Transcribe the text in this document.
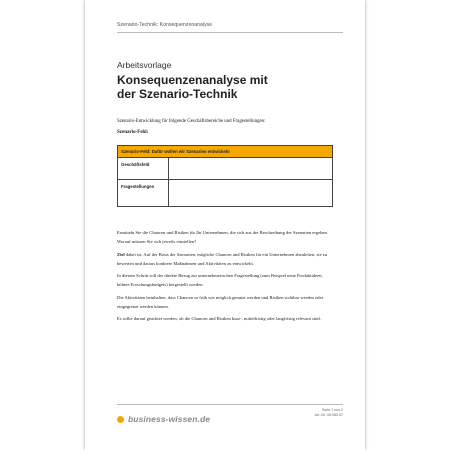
Szenario-Technik: Konsequenzenanalyse
Arbeitsvorlage
Konsequenzenanalyse mit
der Szenario-Technik
Szenario-Entwicklung für folgende Geschäftsbereiche und Fragestellungen:
Szenario-Feld:
Szenario-Feld: Dafür wollen wir Szenarien entwickeln	
Geschäftsfeld	
Fragestellungen	

Ermitteln Sie die Chancen und Risiken für Ihr Unternehmen, die sich aus der Beschreibung der Szenarien ergeben. Worauf müssen Sie sich jeweils einstellen?

Ziel dabei ist: Auf der Basis der Szenarien, mögliche Chancen und Risiken für ein Unternehmen abzuleiten, sie zu bewerten und daraus konkrete Maßnahmen und Aktivitäten zu entwickeln.

In diesem Schritt soll der direkte Bezug zur unternehmerischen Fragestellung (zum Beispiel neue Produktideen, höhere Forschungsbudgets) hergestellt werden.

Die Aktivitäten beinhalten, dass Chancen so früh wie möglich genutzt werden und Risiken sichtbar werden oder eingegrenzt werden können.

Es sollte darauf geachtet werden, ob die Chancen und Risiken kurz-, mittelfristig oder langfristig relevant sind.

business-wissen.de
Seite 1 von 2
Art.-Nr. 06.080.07
